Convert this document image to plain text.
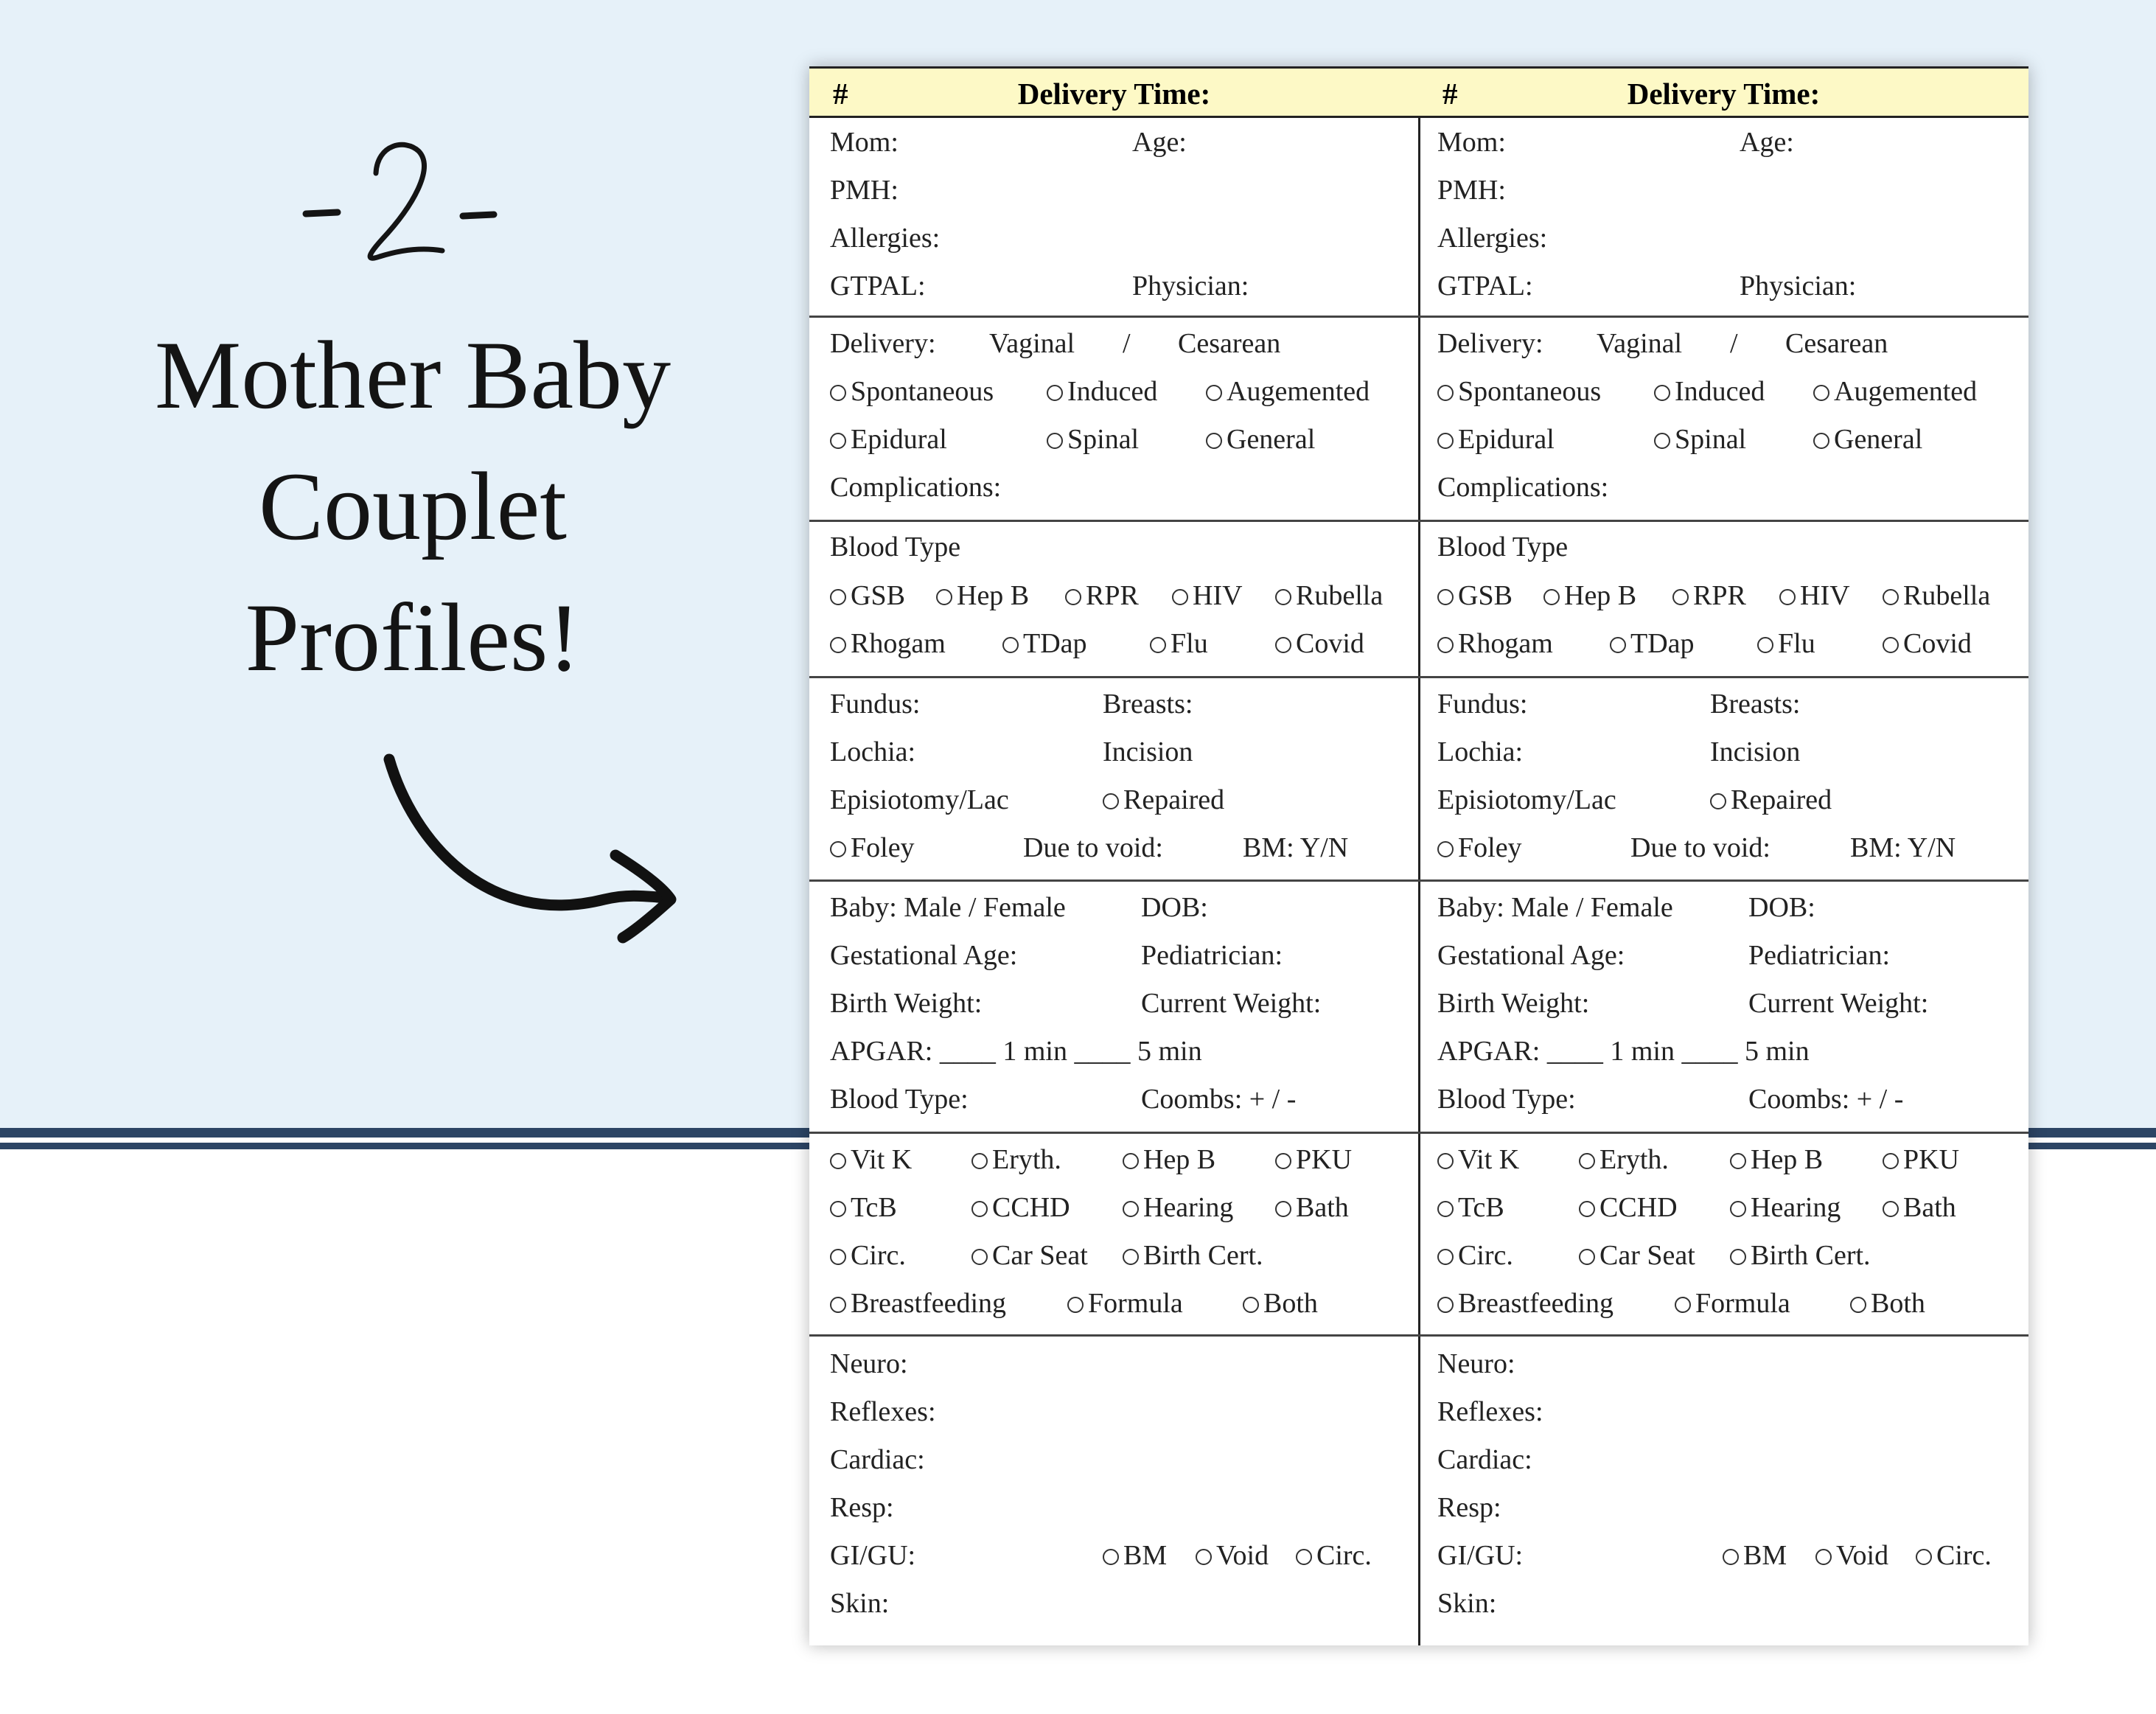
Mother Baby
Couplet
Profiles!
#	Delivery Time:
Mom:	Age:
PMH:
Allergies:
GTPAL:	Physician:
Delivery: Vaginal / Cesarean
Spontaneous	Induced	Augemented
Epidural	Spinal	General
Complications:
Blood Type
GSB	Hep B	RPR	HIV	Rubella
Rhogam	TDap	Flu	Covid
Fundus:	Breasts:
Lochia:	Incision
Episiotomy/Lac	Repaired
Foley	Due to void:	BM: Y/N
Baby: Male / Female	DOB:
Gestational Age:	Pediatrician:
Birth Weight:	Current Weight:
APGAR: ____ 1 min ____ 5 min
Blood Type:	Coombs: + / -
Vit K	Eryth.	Hep B	PKU
TcB	CCHD	Hearing	Bath
Circ.	Car Seat	Birth Cert.
Breastfeeding	Formula	Both
Neuro:
Reflexes:
Cardiac:
Resp:
GI/GU:	BM	Void	Circ.
Skin:
#	Delivery Time:
Mom:	Age:
PMH:
Allergies:
GTPAL:	Physician:
Delivery: Vaginal / Cesarean
Spontaneous	Induced	Augemented
Epidural	Spinal	General
Complications:
Blood Type
GSB	Hep B	RPR	HIV	Rubella
Rhogam	TDap	Flu	Covid
Fundus:	Breasts:
Lochia:	Incision
Episiotomy/Lac	Repaired
Foley	Due to void:	BM: Y/N
Baby: Male / Female	DOB:
Gestational Age:	Pediatrician:
Birth Weight:	Current Weight:
APGAR: ____ 1 min ____ 5 min
Blood Type:	Coombs: + / -
Vit K	Eryth.	Hep B	PKU
TcB	CCHD	Hearing	Bath
Circ.	Car Seat	Birth Cert.
Breastfeeding	Formula	Both
Neuro:
Reflexes:
Cardiac:
Resp:
GI/GU:	BM	Void	Circ.
Skin:
